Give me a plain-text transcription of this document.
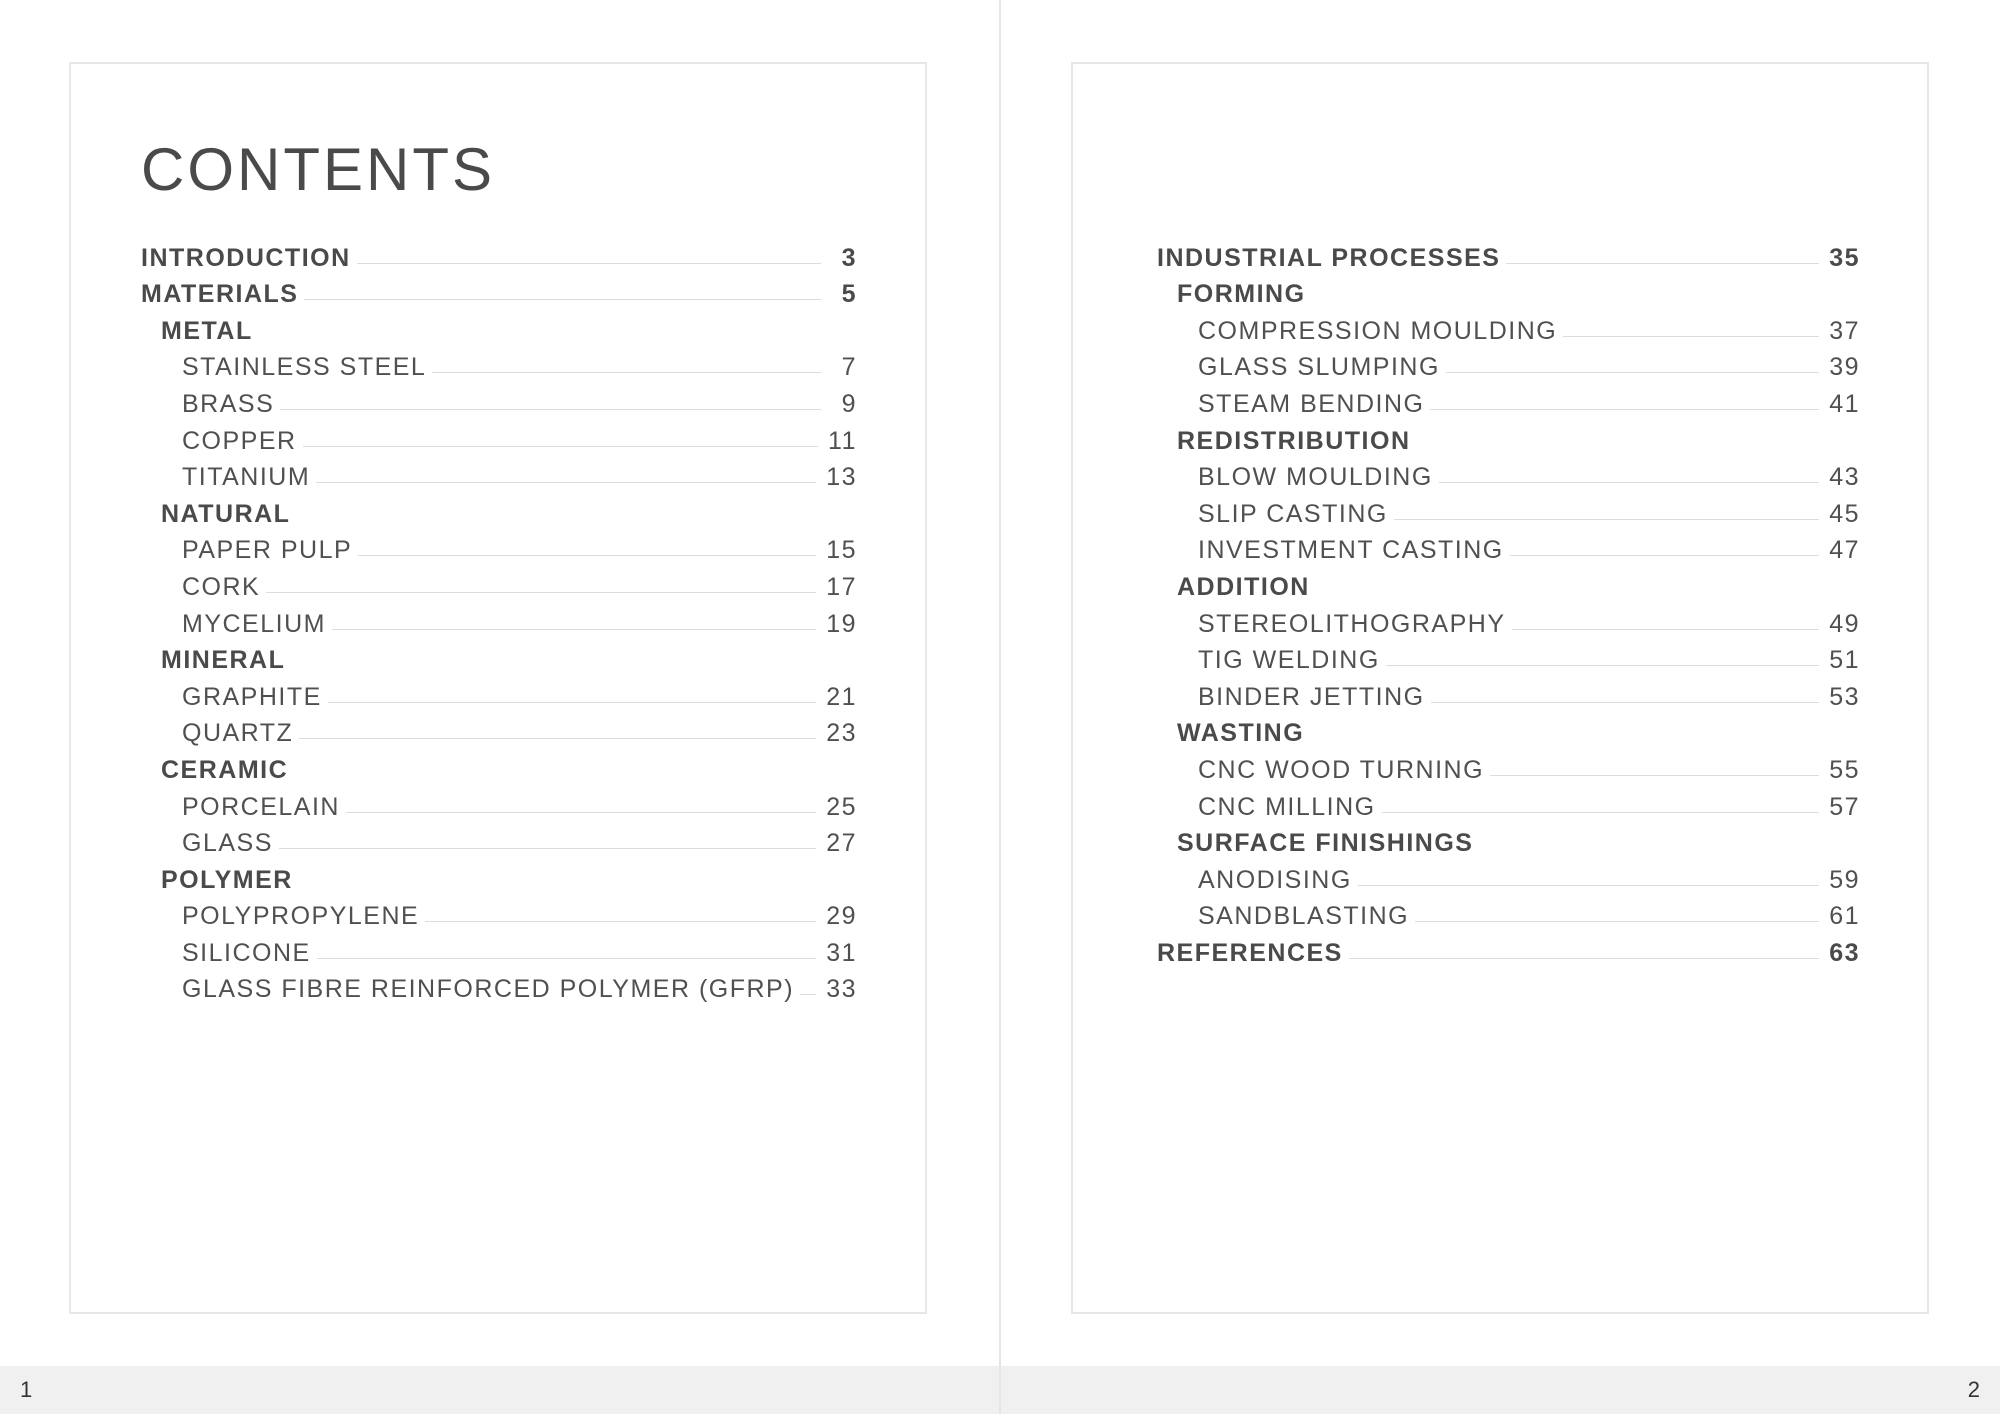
CONTENTS
INTRODUCTION	3
MATERIALS	5
METAL
STAINLESS STEEL	7
BRASS	9
COPPER	11
TITANIUM	13
NATURAL
PAPER PULP	15
CORK	17
MYCELIUM	19
MINERAL
GRAPHITE	21
QUARTZ	23
CERAMIC
PORCELAIN	25
GLASS	27
POLYMER
POLYPROPYLENE	29
SILICONE	31
GLASS FIBRE REINFORCED POLYMER (GFRP) 33
INDUSTRIAL PROCESSES	35
FORMING
COMPRESSION MOULDING	37
GLASS SLUMPING	39
STEAM BENDING	41
REDISTRIBUTION
BLOW MOULDING	43
SLIP CASTING	45
INVESTMENT CASTING	47
ADDITION
STEREOLITHOGRAPHY	49
TIG WELDING	51
BINDER JETTING	53
WASTING
CNC WOOD TURNING	55
CNC MILLING	57
SURFACE FINISHINGS
ANODISING	59
SANDBLASTING	61
REFERENCES	63
1	2
